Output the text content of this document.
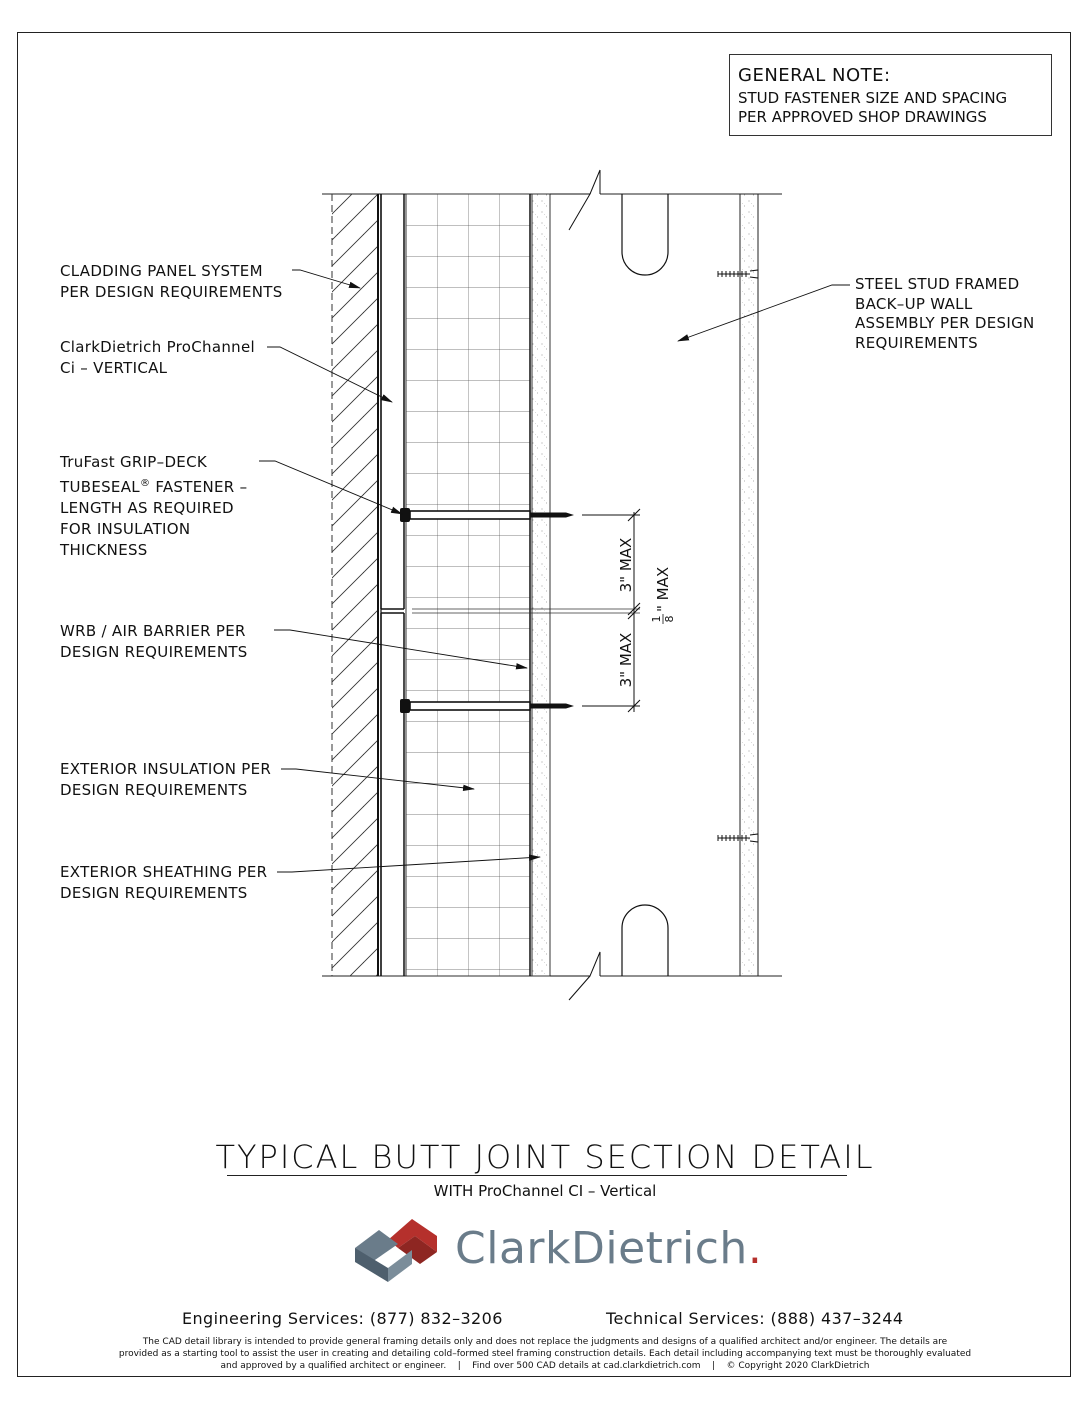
GENERAL NOTE:
STUD FASTENER SIZE AND SPACING
PER APPROVED SHOP DRAWINGS
3" MAX
3" MAX
1 8
" MAX
CLADDING PANEL SYSTEM
PER DESIGN REQUIREMENTS
ClarkDietrich ProChannel
Ci – VERTICAL
TruFast GRIP–DECK
TUBESEAL® FASTENER –
LENGTH AS REQUIRED
FOR INSULATION
THICKNESS
WRB / AIR BARRIER PER
DESIGN REQUIREMENTS
EXTERIOR INSULATION PER
DESIGN REQUIREMENTS
EXTERIOR SHEATHING PER
DESIGN REQUIREMENTS
STEEL STUD FRAMED
BACK–UP WALL
ASSEMBLY PER DESIGN
REQUIREMENTS
TYPICAL BUTT JOINT SECTION DETAIL
WITH ProChannel CI – Vertical
ClarkDietrich.
Engineering Services: (877) 832–3206	Technical Services: (888) 437–3244
The CAD detail library is intended to provide general framing details only and does not replace the judgments and designs of a qualified architect and/or engineer. The details are
provided as a starting tool to assist the user in creating and detailing cold–formed steel framing construction details. Each detail including accompanying text must be thoroughly evaluated
and approved by a qualified architect or engineer.    |    Find over 500 CAD details at cad.clarkdietrich.com    |    © Copyright 2020 ClarkDietrich
